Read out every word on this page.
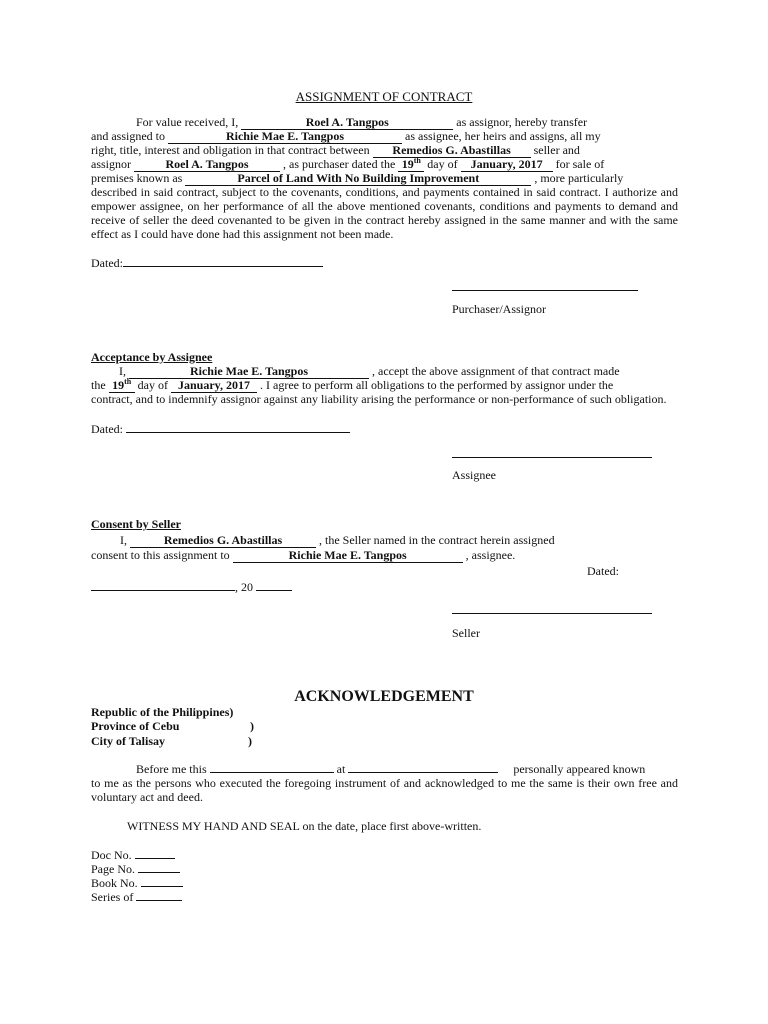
ASSIGNMENT OF CONTRACT
For value received, I,	Roel A. Tangpos	as assignor, hereby transfer
and assigned to	Richie Mae E. Tangpos	as assignee, her heirs and assigns, all my
right, title, interest and obligation in that contract between Remedios G. Abastillas seller and
assignor	Roel A. Tangpos	, as purchaser dated the 19th day of January, 2017 for sale of
premises known as	Parcel of Land With No Building Improvement	, more particularly
described in said contract, subject to the covenants, conditions, and payments contained in said contract. I authorize and empower assignee, on her performance of all the above mentioned covenants, conditions and payments to demand and receive of seller the deed covenanted to be given in the contract hereby assigned in the same manner and with the same effect as I could have done had this assignment not been made.
Dated:
Purchaser/Assignor
Acceptance by Assignee
I,	Richie Mae E. Tangpos	, accept the above assignment of that contract made
the 19th day of January, 2017 . I agree to perform all obligations to the performed by assignor under the
contract, and to indemnify assignor against any liability arising the performance or non-performance of such obligation.
Dated:
Assignee
Consent by Seller
I,	Remedios G. Abastillas	, the Seller named in the contract herein assigned
consent to this assignment to	Richie Mae E. Tangpos	, assignee.
Dated:
, 20
Seller
ACKNOWLEDGEMENT
Republic of the Philippines)
Province of Cebu	)
City of Talisay	)
Before me this	at	personally appeared known
to me as the persons who executed the foregoing instrument of and acknowledged to me the same is their own free and voluntary act and deed.
WITNESS MY HAND AND SEAL on the date, place first above-written.
Doc No.
Page No.
Book No.
Series of
